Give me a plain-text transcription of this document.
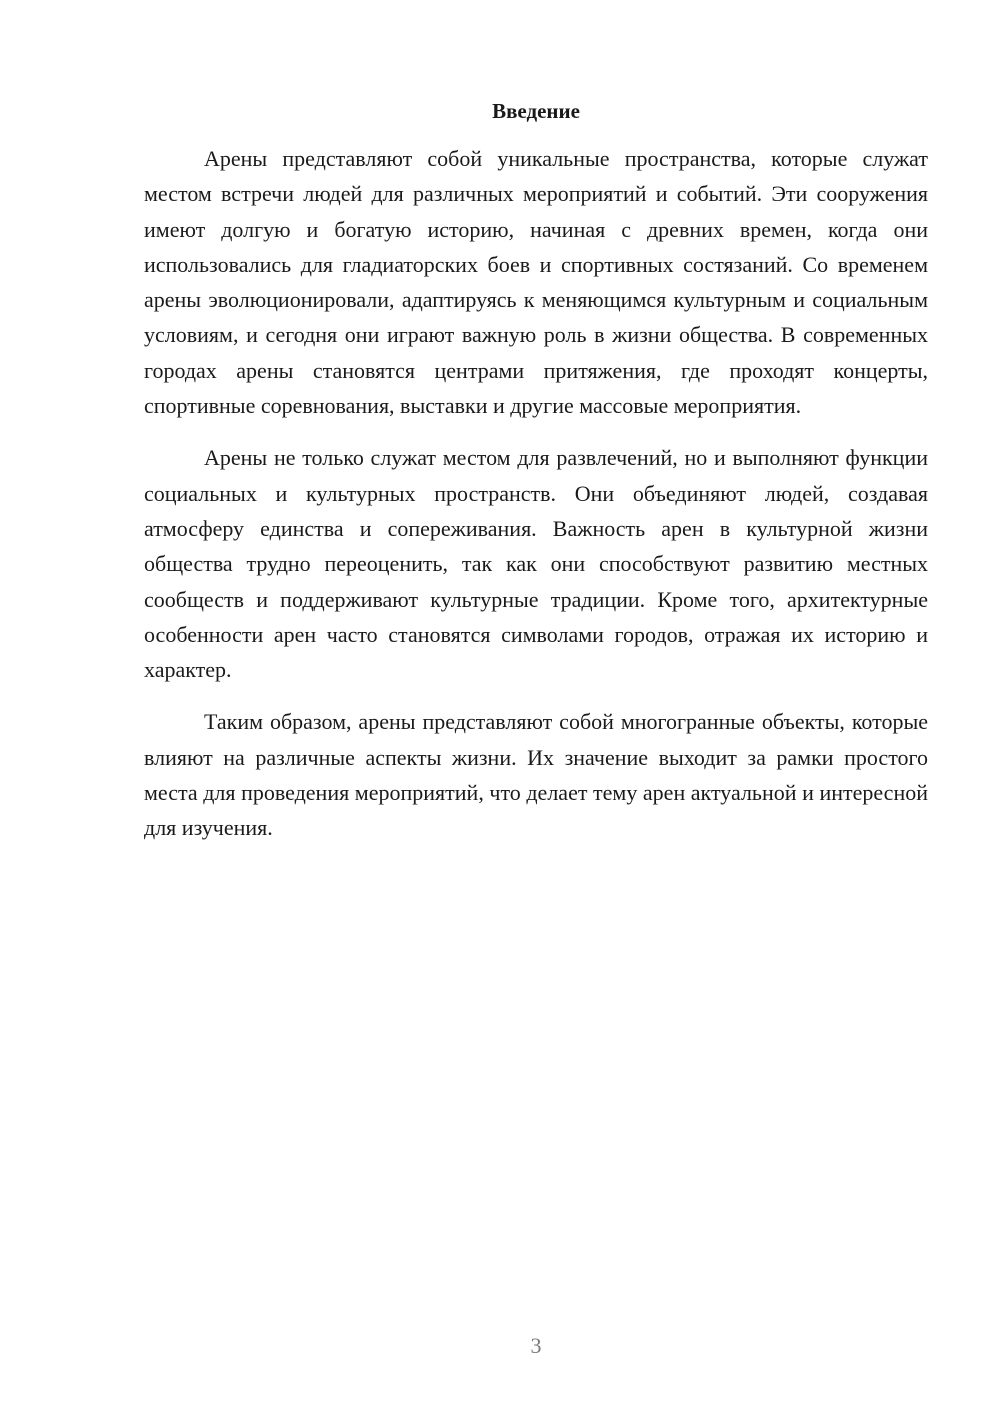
Введение

Арены представляют собой уникальные пространства, которые служат местом встречи людей для различных мероприятий и событий. Эти сооружения имеют долгую и богатую историю, начиная с древних времен, когда они использовались для гладиаторских боев и спортивных состязаний. Со временем арены эволюционировали, адаптируясь к меняющимся культурным и социальным условиям, и сегодня они играют важную роль в жизни общества. В современных городах арены становятся центрами притяжения, где проходят концерты, спортивные соревнования, выставки и другие массовые мероприятия.

Арены не только служат местом для развлечений, но и выполняют функции социальных и культурных пространств. Они объединяют людей, создавая атмосферу единства и сопереживания. Важность арен в культурной жизни общества трудно переоценить, так как они способствуют развитию местных сообществ и поддерживают культурные традиции. Кроме того, архитектурные особенности арен часто становятся символами городов, отражая их историю и характер.

Таким образом, арены представляют собой многогранные объекты, которые влияют на различные аспекты жизни. Их значение выходит за рамки простого места для проведения мероприятий, что делает тему арен актуальной и интересной для изучения.

3
